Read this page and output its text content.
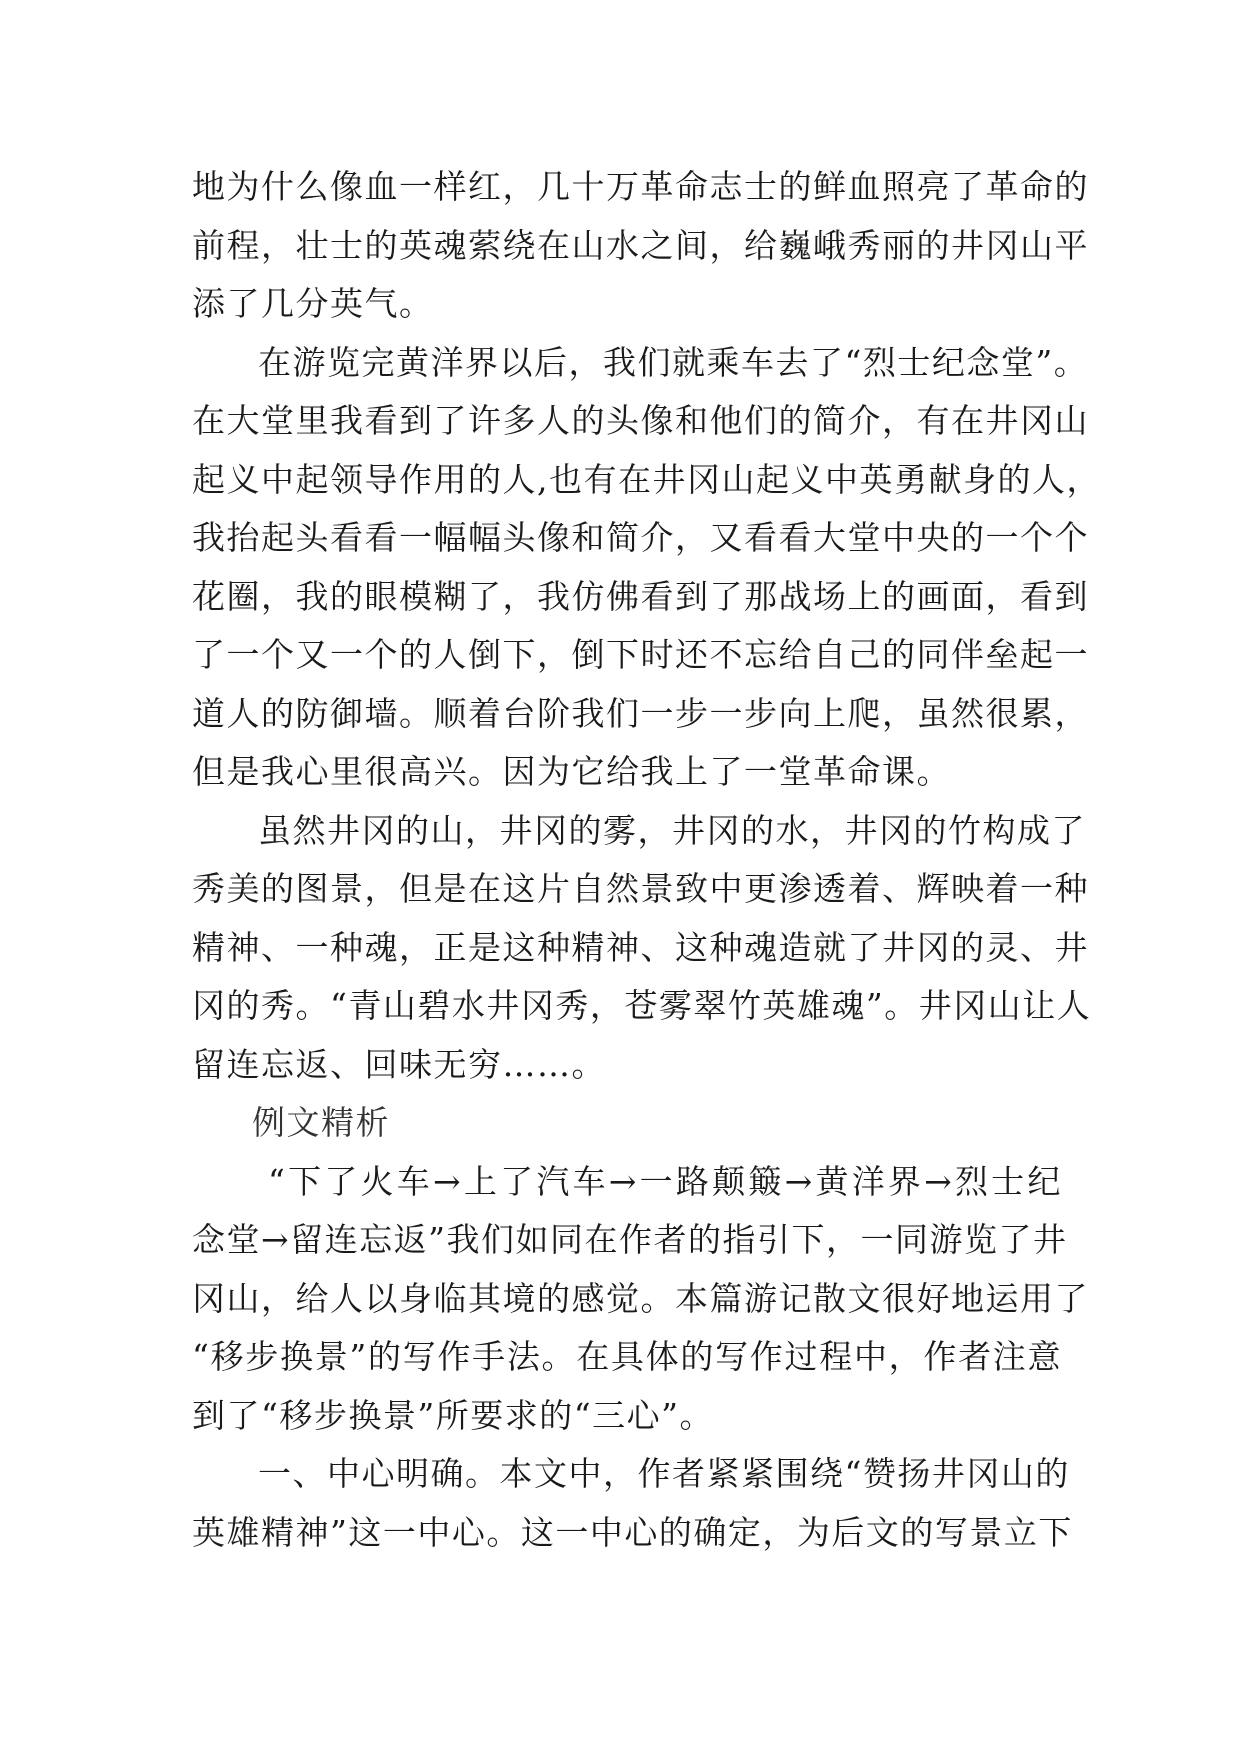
地为什么像血一样红，几十万革命志士的鲜血照亮了革命的
前程，壮士的英魂萦绕在山水之间，给巍峨秀丽的井冈山平
添了几分英气。
在游览完黄洋界以后，我们就乘车去了“烈士纪念堂”。
在大堂里我看到了许多人的头像和他们的简介，有在井冈山
起义中起领导作用的人,也有在井冈山起义中英勇献身的人，
我抬起头看看一幅幅头像和简介，又看看大堂中央的一个个
花圈，我的眼模糊了，我仿佛看到了那战场上的画面，看到
了一个又一个的人倒下，倒下时还不忘给自己的同伴垒起一
道人的防御墙。顺着台阶我们一步一步向上爬，虽然很累，
但是我心里很高兴。因为它给我上了一堂革命课。
虽然井冈的山，井冈的雾，井冈的水，井冈的竹构成了
秀美的图景，但是在这片自然景致中更渗透着、辉映着一种
精神、一种魂，正是这种精神、这种魂造就了井冈的灵、井
冈的秀。“青山碧水井冈秀，苍雾翠竹英雄魂”。井冈山让人
留连忘返、回味无穷……。
例文精析
“下了火车→上了汽车→一路颠簸→黄洋界→烈士纪
念堂→留连忘返”我们如同在作者的指引下，一同游览了井
冈山，给人以身临其境的感觉。本篇游记散文很好地运用了
“移步换景”的写作手法。在具体的写作过程中，作者注意
到了“移步换景”所要求的“三心”。
一、中心明确。本文中，作者紧紧围绕“赞扬井冈山的
英雄精神”这一中心。这一中心的确定，为后文的写景立下
